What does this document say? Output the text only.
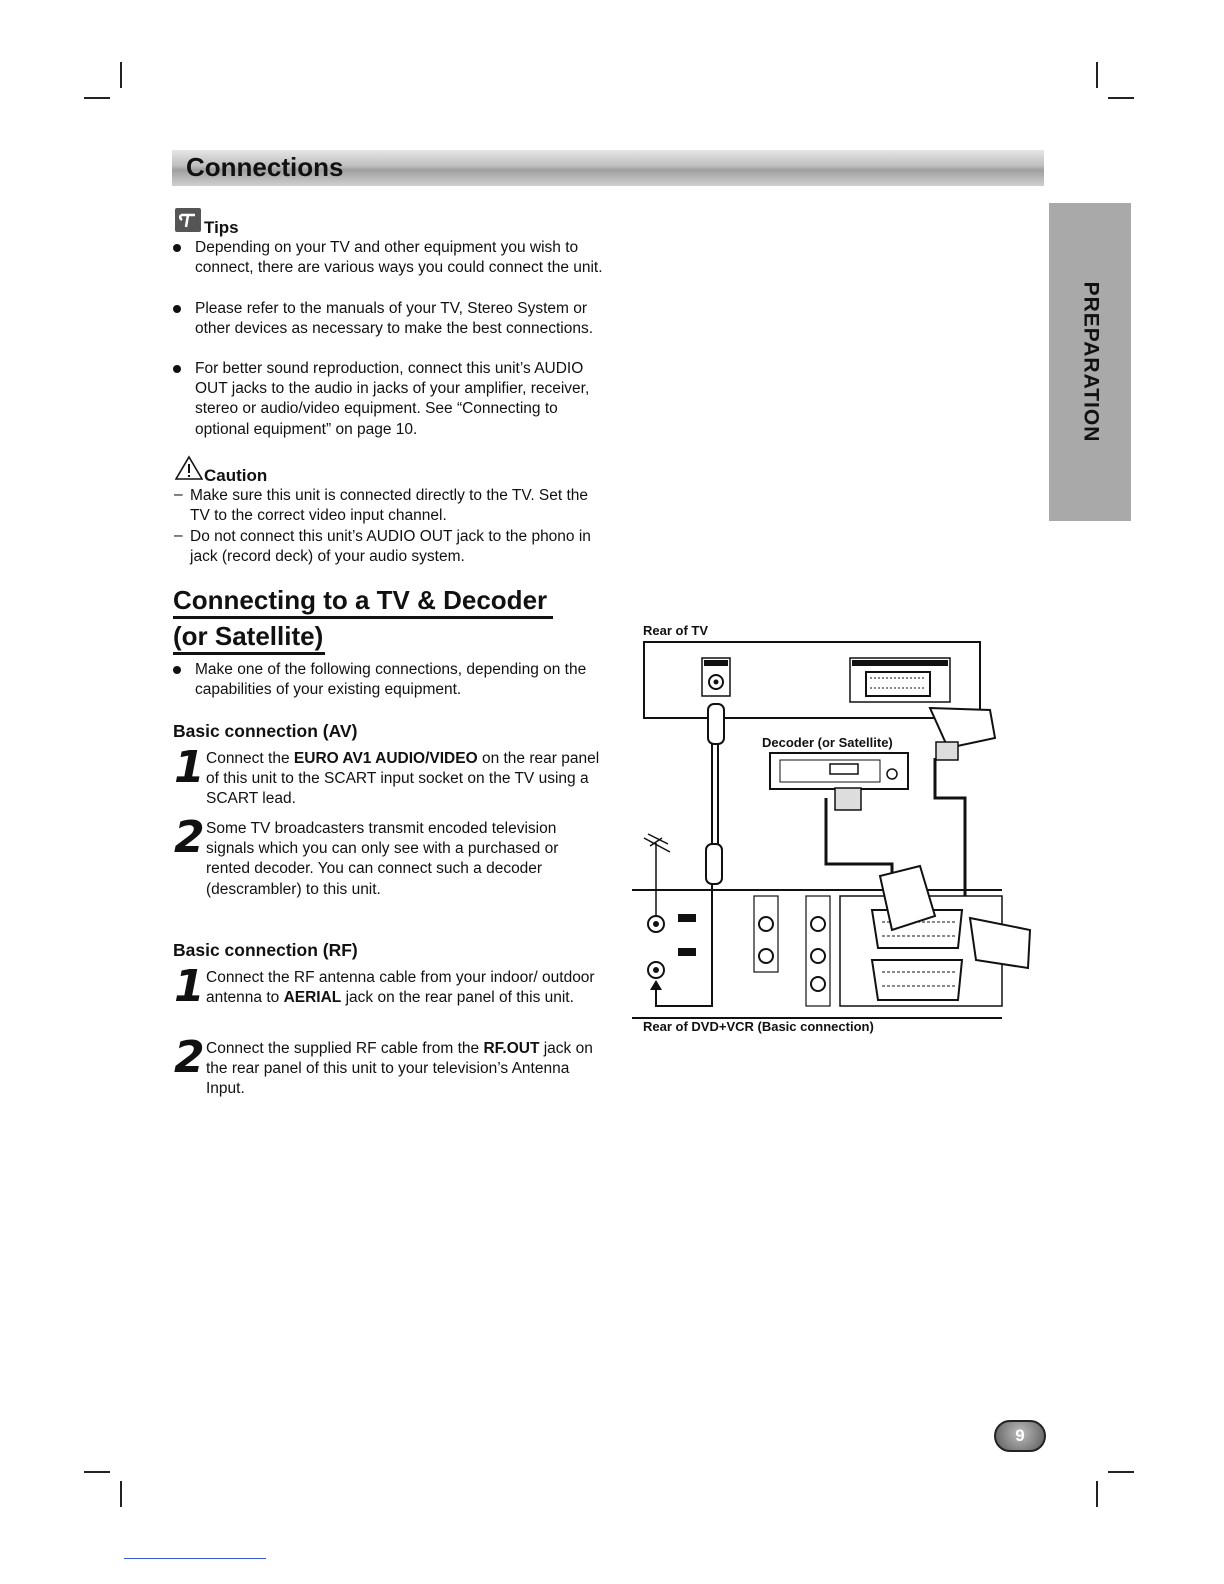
Connections
PREPARATION
Tips
Depending on your TV and other equipment you wish to connect, there are various ways you could connect the unit.
Please refer to the manuals of your TV, Stereo System or other devices as necessary to make the best connections.
For better sound reproduction, connect this unit’s AUDIO OUT jacks to the audio in jacks of your amplifier, receiver, stereo or audio/video equipment. See “Connecting to optional equipment” on page 10.
Caution
– Make sure this unit is connected directly to the TV. Set the TV to the correct video input channel.
– Do not connect this unit’s AUDIO OUT jack to the phono in jack (record deck) of your audio system.
Connecting to a TV & Decoder
(or Satellite)
Make one of the following connections, depending on the capabilities of your existing equipment.
Basic connection (AV)
1 Connect the EURO AV1 AUDIO/VIDEO on the rear panel of this unit to the SCART input socket on the TV using a SCART lead.
2 Some TV broadcasters transmit encoded television signals which you can only see with a purchased or rented decoder. You can connect such a decoder (descrambler) to this unit.
Basic connection (RF)
1 Connect the RF antenna cable from your indoor/ outdoor antenna to AERIAL jack on the rear panel of this unit.
2 Connect the supplied RF cable from the RF.OUT jack on the rear panel of this unit to your television’s Antenna Input.
Rear of TV
Decoder (or Satellite)
Rear of DVD+VCR (Basic connection)
9
